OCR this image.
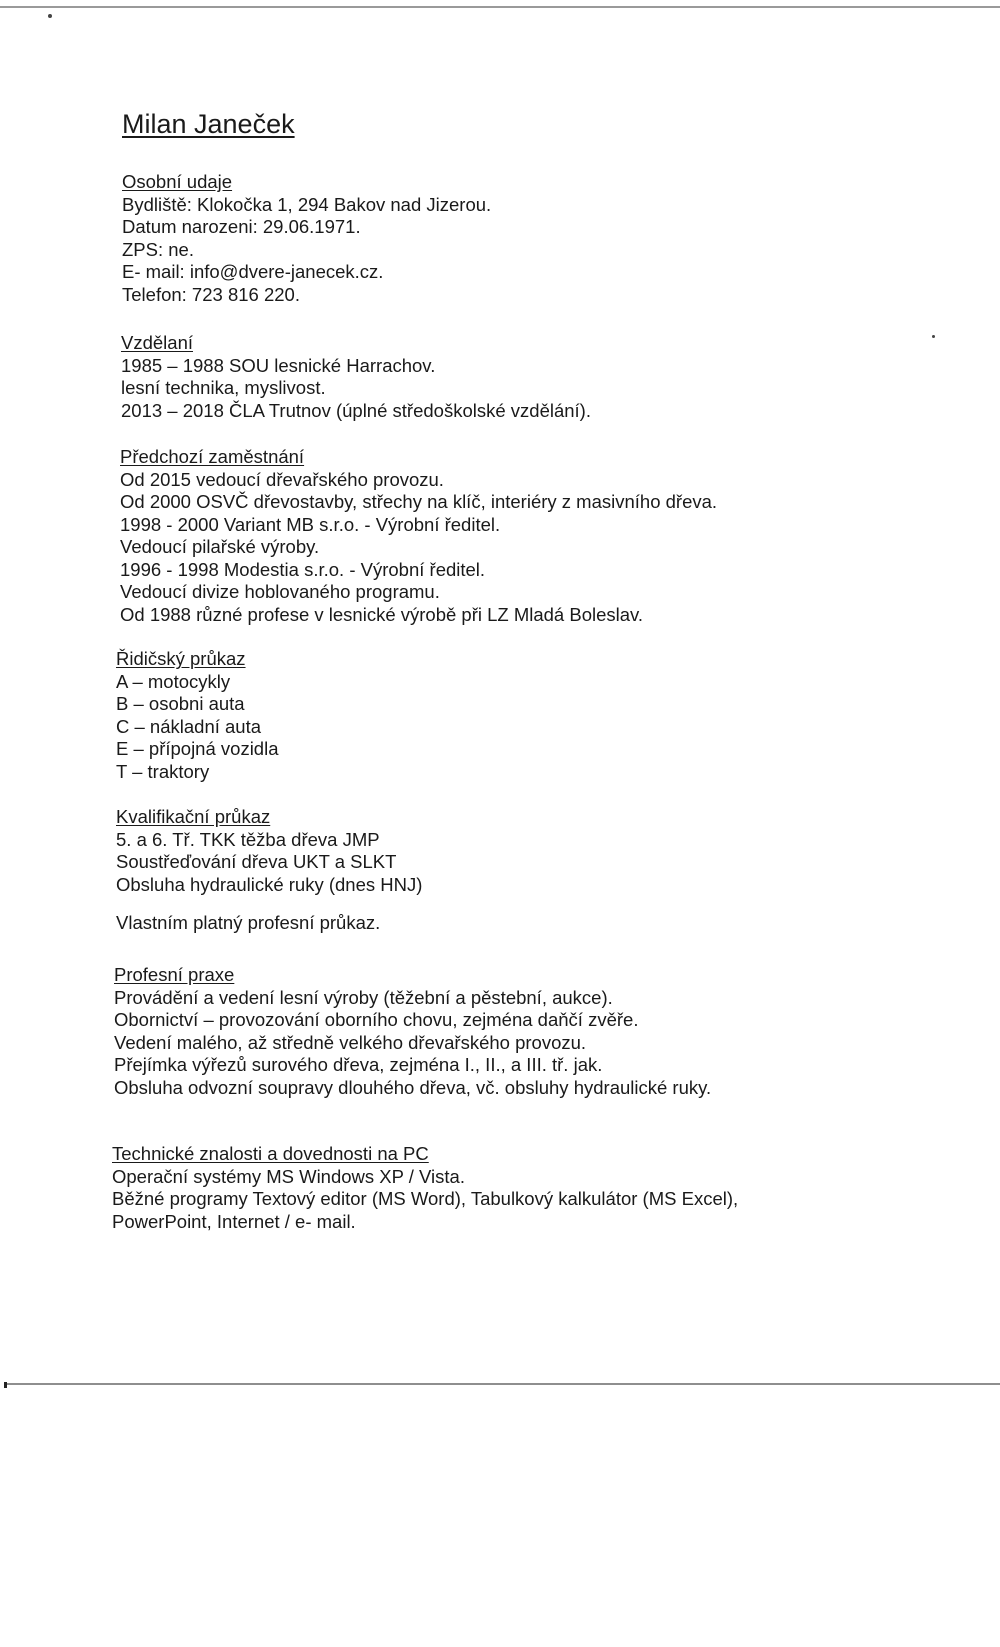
Milan Janeček
Osobní udaje
Bydliště: Klokočka 1, 294 Bakov nad Jizerou.
Datum narozeni: 29.06.1971.
ZPS: ne.
E- mail: info@dvere-janecek.cz.
Telefon: 723 816 220.
Vzdělaní
1985 – 1988 SOU lesnické Harrachov.
lesní technika, myslivost.
2013 – 2018 ČLA Trutnov (úplné středoškolské vzdělání).
Předchozí zaměstnání
Od 2015 vedoucí dřevařského provozu.
Od 2000 OSVČ dřevostavby, střechy na klíč, interiéry z masivního dřeva.
1998 - 2000 Variant MB s.r.o. - Výrobní ředitel.
Vedoucí pilařské výroby.
1996 - 1998 Modestia s.r.o. - Výrobní ředitel.
Vedoucí divize hoblovaného programu.
Od 1988 různé profese v lesnické výrobě při LZ Mladá Boleslav.
Řidičský průkaz
A – motocykly
B – osobni auta
C – nákladní auta
E – přípojná vozidla
T – traktory
Kvalifikační průkaz
5. a 6. Tř. TKK těžba dřeva JMP
Soustřeďování dřeva UKT a SLKT
Obsluha hydraulické ruky (dnes HNJ)
Vlastním platný profesní průkaz.
Profesní praxe
Provádění a vedení lesní výroby (těžební a pěstební, aukce).
Obornictví – provozování oborního chovu, zejména daňčí zvěře.
Vedení malého, až středně velkého dřevařského provozu.
Přejímka výřezů surového dřeva, zejména I., II., a III. tř. jak.
Obsluha odvozní soupravy dlouhého dřeva, vč. obsluhy hydraulické ruky.
Technické znalosti a dovednosti na PC
Operační systémy MS Windows XP / Vista.
Běžné programy Textový editor (MS Word), Tabulkový kalkulátor (MS Excel),
PowerPoint, Internet / e- mail.
